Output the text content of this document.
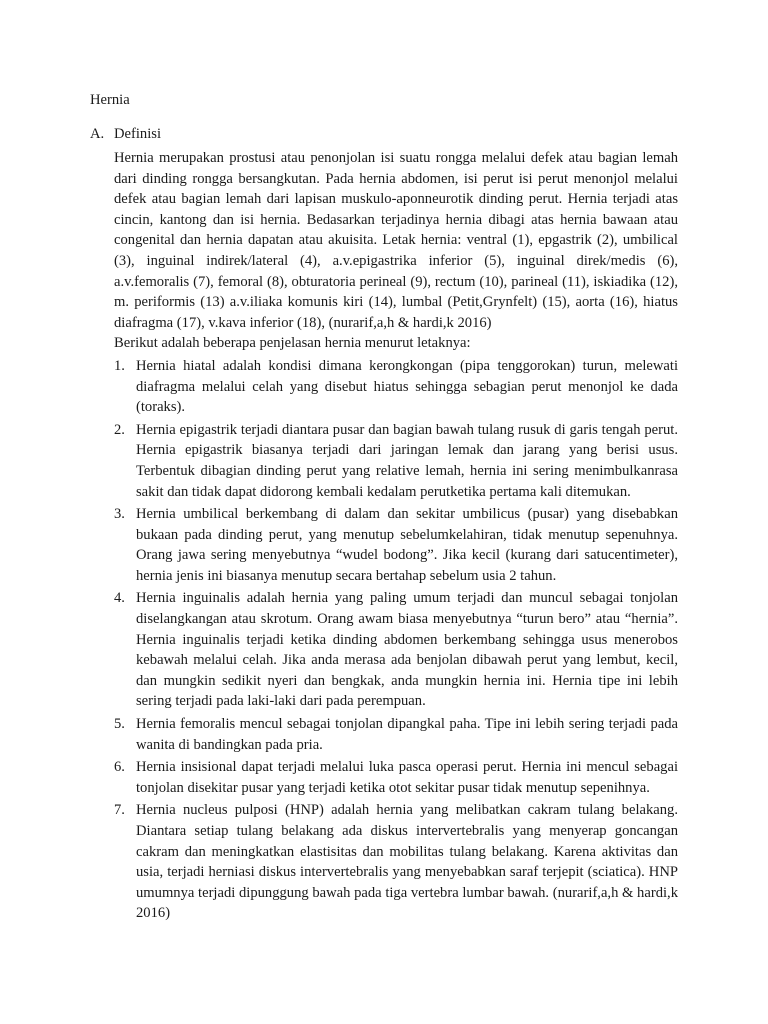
Hernia
A. Definisi

Hernia merupakan prostusi atau penonjolan isi suatu rongga melalui defek atau bagian lemah dari dinding rongga bersangkutan. Pada hernia abdomen, isi perut isi perut menonjol melalui defek atau bagian lemah dari lapisan muskulo-aponneurotik dinding perut. Hernia terjadi atas cincin, kantong dan isi hernia. Bedasarkan terjadinya hernia dibagi atas hernia bawaan atau congenital dan hernia dapatan atau akuisita. Letak hernia: ventral (1), epgastrik (2), umbilical (3), inguinal indirek/lateral (4), a.v.epigastrika inferior (5), inguinal direk/medis (6), a.v.femoralis (7), femoral (8), obturatoria perineal (9), rectum (10), parineal (11), iskiadika (12), m. periformis (13) a.v.iliaka komunis kiri (14), lumbal (Petit,Grynfelt) (15), aorta (16), hiatus diafragma (17), v.kava inferior (18), (nurarif,a,h & hardi,k 2016)

Berikut adalah beberapa penjelasan hernia menurut letaknya:

1. Hernia hiatal adalah kondisi dimana kerongkongan (pipa tenggorokan) turun, melewati diafragma melalui celah yang disebut hiatus sehingga sebagian perut menonjol ke dada (toraks).
2. Hernia epigastrik terjadi diantara pusar dan bagian bawah tulang rusuk di garis tengah perut. Hernia epigastrik biasanya terjadi dari jaringan lemak dan jarang yang berisi usus. Terbentuk dibagian dinding perut yang relative lemah, hernia ini sering menimbulkanrasa sakit dan tidak dapat didorong kembali kedalam perutketika pertama kali ditemukan.
3. Hernia umbilical berkembang di dalam dan sekitar umbilicus (pusar) yang disebabkan bukaan pada dinding perut, yang menutup sebelumkelahiran, tidak menutup sepenuhnya. Orang jawa sering menyebutnya “wudel bodong”. Jika kecil (kurang dari satucentimeter), hernia jenis ini biasanya menutup secara bertahap sebelum usia 2 tahun.
4. Hernia inguinalis adalah hernia yang paling umum terjadi dan muncul sebagai tonjolan diselangkangan atau skrotum. Orang awam biasa menyebutnya “turun bero” atau “hernia”. Hernia inguinalis terjadi ketika dinding abdomen berkembang sehingga usus menerobos kebawah melalui celah. Jika anda merasa ada benjolan dibawah perut yang lembut, kecil, dan mungkin sedikit nyeri dan bengkak, anda mungkin hernia ini. Hernia tipe ini lebih sering terjadi pada laki-laki dari pada perempuan.
5. Hernia femoralis mencul sebagai tonjolan dipangkal paha. Tipe ini lebih sering terjadi pada wanita di bandingkan pada pria.
6. Hernia insisional dapat terjadi melalui luka pasca operasi perut. Hernia ini mencul sebagai tonjolan disekitar pusar yang terjadi ketika otot sekitar pusar tidak menutup sepenihnya.
7. Hernia nucleus pulposi (HNP) adalah hernia yang melibatkan cakram tulang belakang. Diantara setiap tulang belakang ada diskus intervertebralis yang menyerap goncangan cakram dan meningkatkan elastisitas dan mobilitas tulang belakang. Karena aktivitas dan usia, terjadi herniasi diskus intervertebralis yang menyebabkan saraf terjepit (sciatica). HNP umumnya terjadi dipunggung bawah pada tiga vertebra lumbar bawah. (nurarif,a,h & hardi,k 2016)
